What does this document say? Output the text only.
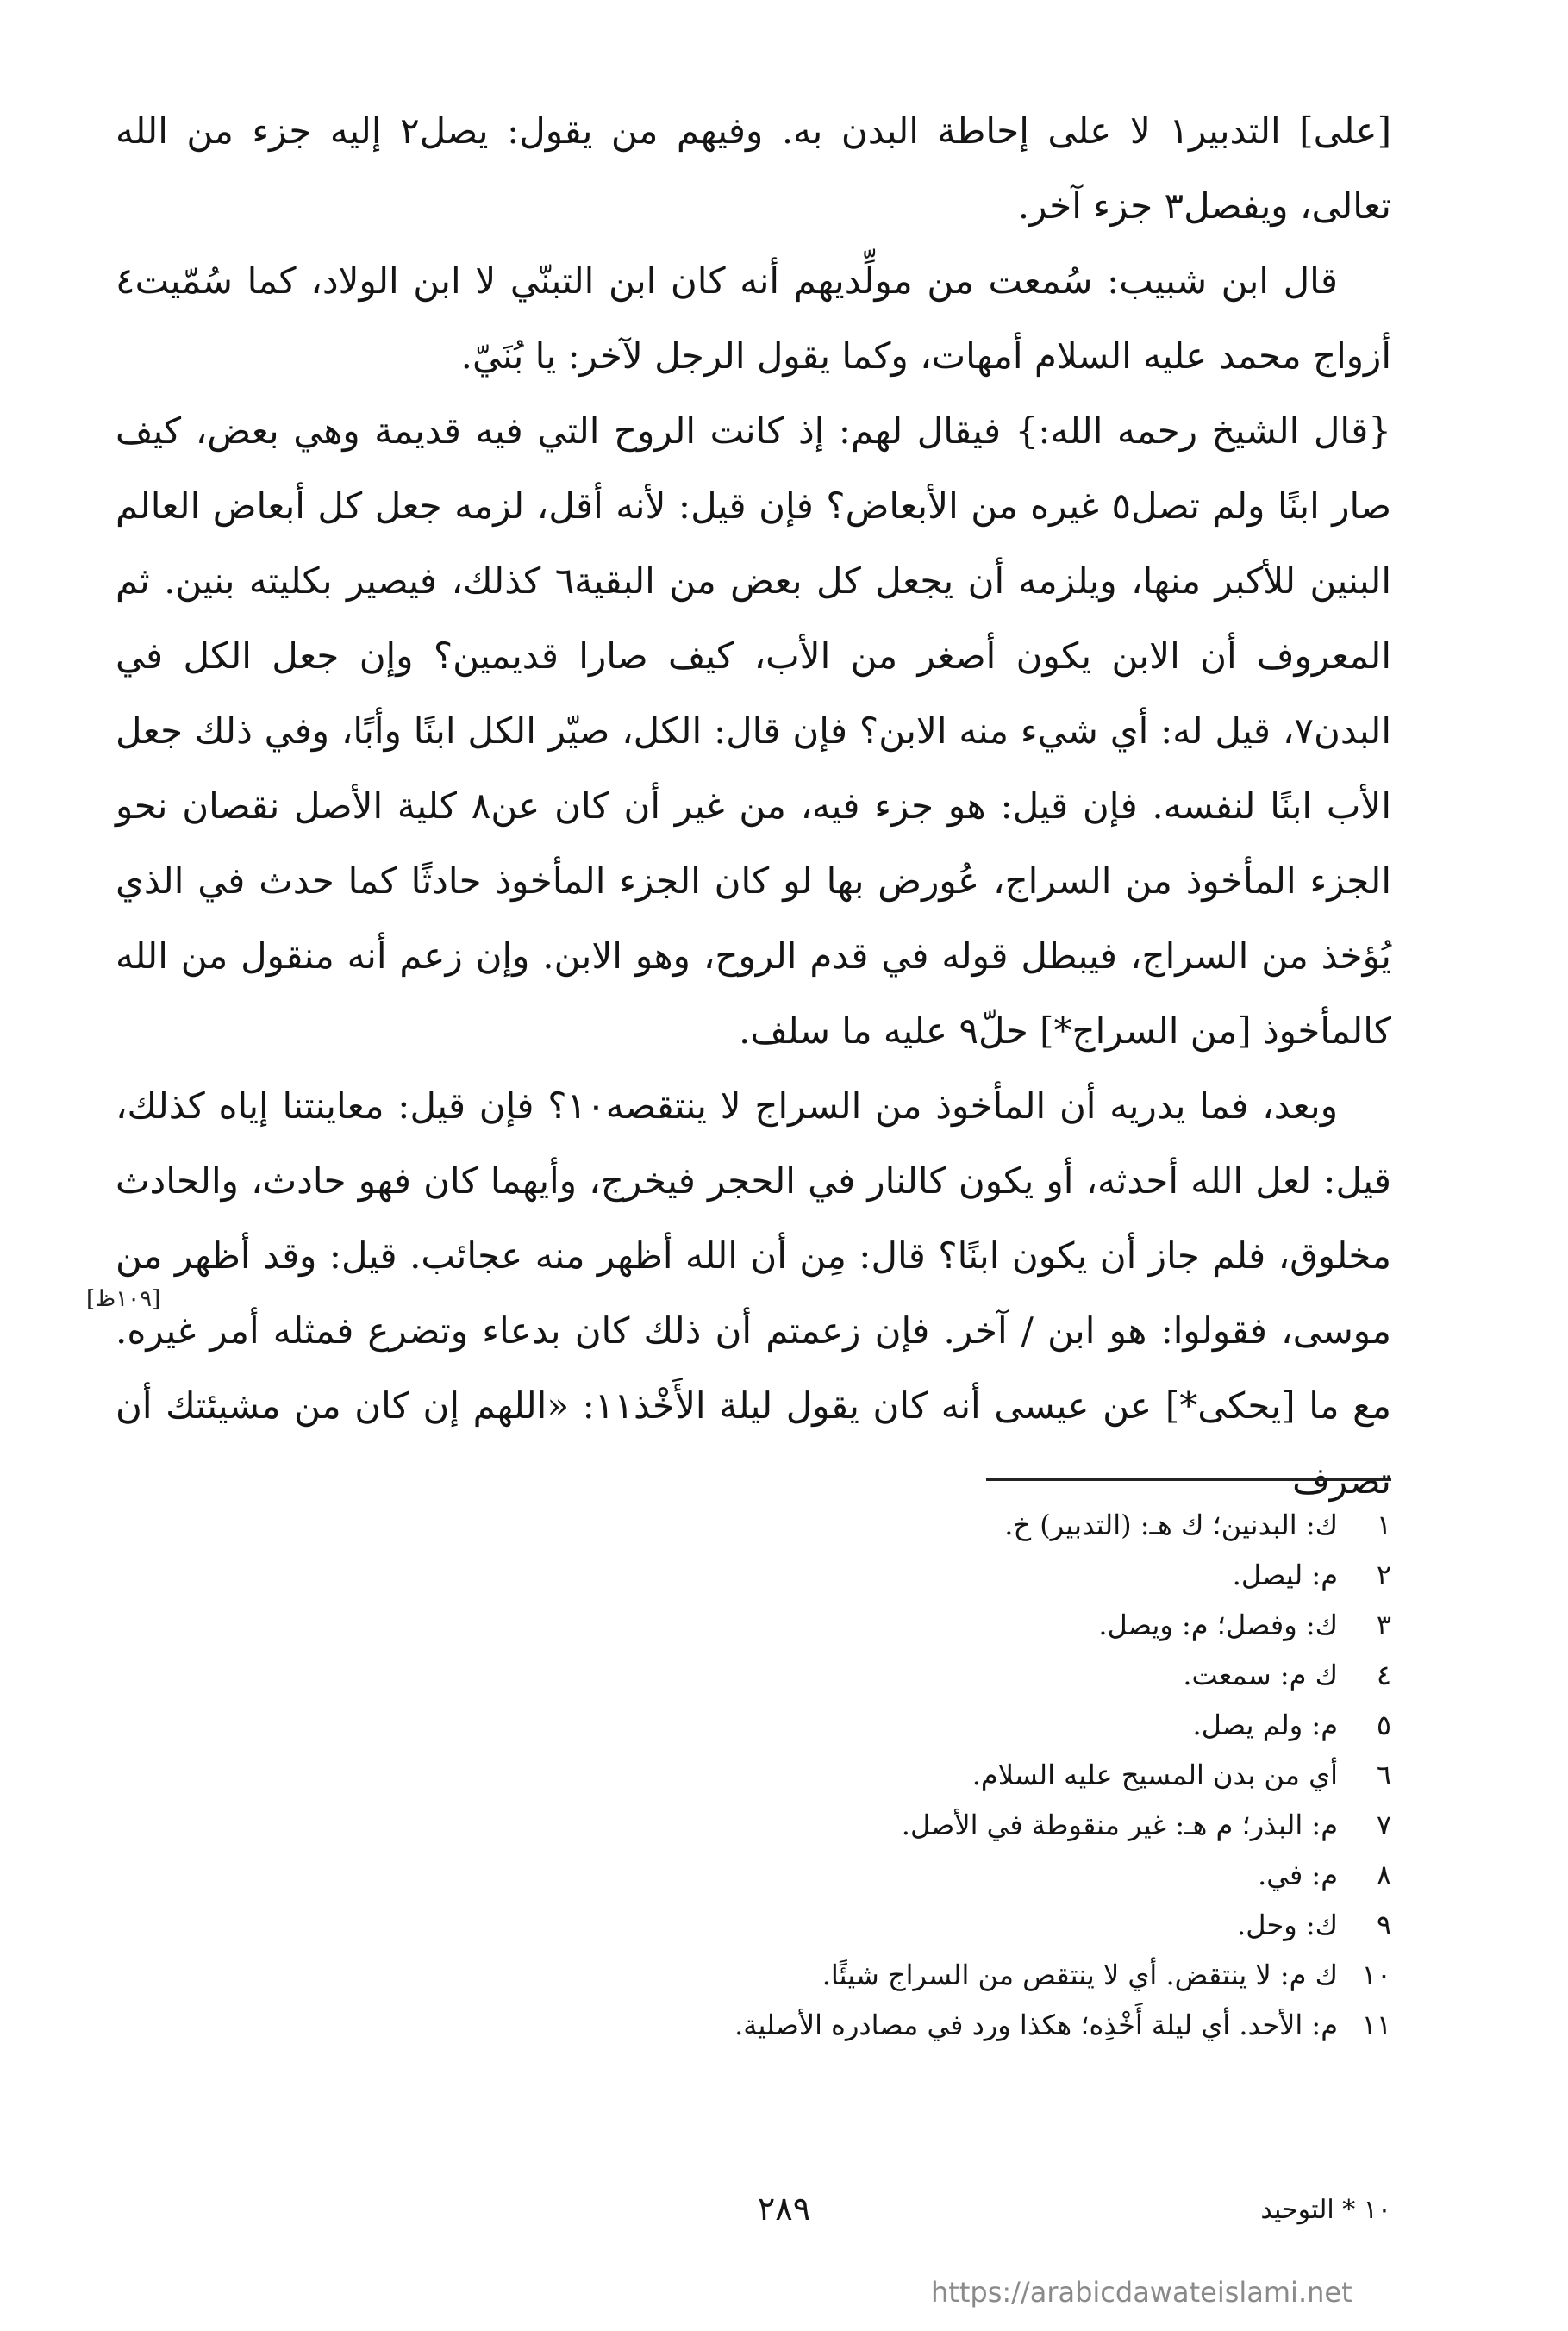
[على] التدبير١ لا على إحاطة البدن به. وفيهم من يقول: يصل٢ إليه جزء من الله تعالى، ويفصل٣ جزء آخر.

قال ابن شبيب: سُمعت من مولِّديهم أنه كان ابن التبنّي لا ابن الولاد، كما سُمّيت٤ أزواج محمد عليه السلام أمهات، وكما يقول الرجل لآخر: يا بُنَيّ.

{قال الشيخ رحمه الله:} فيقال لهم: إذ كانت الروح التي فيه قديمة وهي بعض، كيف صار ابنًا ولم تصل٥ غيره من الأبعاض؟ فإن قيل: لأنه أقل، لزمه جعل كل أبعاض العالم البنين للأكبر منها، ويلزمه أن يجعل كل بعض من البقية٦ كذلك، فيصير بكليته بنين. ثم المعروف أن الابن يكون أصغر من الأب، كيف صارا قديمين؟ وإن جعل الكل في البدن٧، قيل له: أي شيء منه الابن؟ فإن قال: الكل، صيّر الكل ابنًا وأبًا، وفي ذلك جعل الأب ابنًا لنفسه. فإن قيل: هو جزء فيه، من غير أن كان عن٨ كلية الأصل نقصان نحو الجزء المأخوذ من السراج، عُورض بها لو كان الجزء المأخوذ حادثًا كما حدث في الذي يُؤخذ من السراج، فيبطل قوله في قدم الروح، وهو الابن. وإن زعم أنه منقول من الله كالمأخوذ [من السراج*] حلّ٩ عليه ما سلف.

وبعد، فما يدريه أن المأخوذ من السراج لا ينتقصه١٠؟ فإن قيل: معاينتنا إياه كذلك، قيل: لعل الله أحدثه، أو يكون كالنار في الحجر فيخرج، وأيهما كان فهو حادث، والحادث مخلوق، فلم جاز أن يكون ابنًا؟ قال: مِن أن الله أظهر منه عجائب. قيل: وقد أظهر من موسى، فقولوا: هو ابن / آخر. فإن زعمتم أن ذلك كان بدعاء وتضرع فمثله أمر غيره. مع ما [يحكى*] عن عيسى أنه كان يقول ليلة الأَخْذ١١: «اللهم إن كان من مشيئتك أن تصرف

[١٠٩ظ]
١
ك: البدنين؛ ك هـ: (التدبير) خ.
٢
م: ليصل.
٣
ك: وفصل؛ م: ويصل.
٤
ك م: سمعت.
٥
م: ولم يصل.
٦
أي من بدن المسيح عليه السلام.
٧
م: البذر؛ م هـ: غير منقوطة في الأصل.
٨
م: في.
٩
ك: وحل.
١٠
ك م: لا ينتقض. أي لا ينتقص من السراج شيئًا.
١١
م: الأحد. أي ليلة أَخْذِه؛ هكذا ورد في مصادره الأصلية.
١٠ * التوحيد
٢٨٩
https://arabicdawateislami.net
